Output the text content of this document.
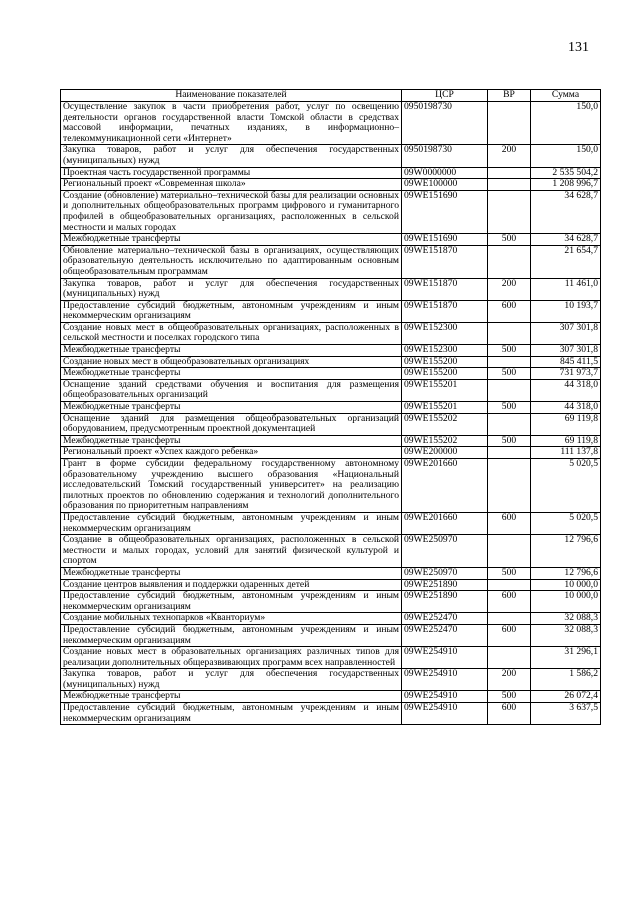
131
Наименование показателей	ЦСР	ВР	Сумма
Осуществление закупок в части приобретения работ, услуг по освещению деятельности органов государственной власти Томской области в средствах массовой информации, печатных изданиях, в информационно–телекоммуникационной сети «Интернет»	0950198730		150,0
Закупка товаров, работ и услуг для обеспечения государственных (муниципальных) нужд	0950198730	200	150,0
Проектная часть государственной программы	09W0000000		2 535 504,2
Региональный проект «Современная школа»	09WE100000		1 208 996,7
Создание (обновление) материально–технической базы для реализации основных и дополнительных общеобразовательных программ цифрового и гуманитарного профилей в общеобразовательных организациях, расположенных в сельской местности и малых городах	09WE151690		34 628,7
Межбюджетные трансферты	09WE151690	500	34 628,7
Обновление материально–технической базы в организациях, осуществляющих образовательную деятельность исключительно по адаптированным основным общеобразовательным программам	09WE151870		21 654,7
Закупка товаров, работ и услуг для обеспечения государственных (муниципальных) нужд	09WE151870	200	11 461,0
Предоставление субсидий бюджетным, автономным учреждениям и иным некоммерческим организациям	09WE151870	600	10 193,7
Создание новых мест в общеобразовательных организациях, расположенных в сельской местности и поселках городского типа	09WE152300		307 301,8
Межбюджетные трансферты	09WE152300	500	307 301,8
Создание новых мест в общеобразовательных организациях	09WE155200		845 411,5
Межбюджетные трансферты	09WE155200	500	731 973,7
Оснащение зданий средствами обучения и воспитания для размещения общеобразовательных организаций	09WE155201		44 318,0
Межбюджетные трансферты	09WE155201	500	44 318,0
Оснащение зданий для размещения общеобразовательных организаций оборудованием, предусмотренным проектной документацией	09WE155202		69 119,8
Межбюджетные трансферты	09WE155202	500	69 119,8
Региональный проект «Успех каждого ребенка»	09WE200000		111 137,8
Грант в форме субсидии федеральному государственному автономному образовательному учреждению высшего образования «Национальный исследовательский Томский государственный университет» на реализацию пилотных проектов по обновлению содержания и технологий дополнительного образования по приоритетным направлениям	09WE201660		5 020,5
Предоставление субсидий бюджетным, автономным учреждениям и иным некоммерческим организациям	09WE201660	600	5 020,5
Создание в общеобразовательных организациях, расположенных в сельской местности и малых городах, условий для занятий физической культурой и спортом	09WE250970		12 796,6
Межбюджетные трансферты	09WE250970	500	12 796,6
Создание центров выявления и поддержки одаренных детей	09WE251890		10 000,0
Предоставление субсидий бюджетным, автономным учреждениям и иным некоммерческим организациям	09WE251890	600	10 000,0
Создание мобильных технопарков «Кванториум»	09WE252470		32 088,3
Предоставление субсидий бюджетным, автономным учреждениям и иным некоммерческим организациям	09WE252470	600	32 088,3
Создание новых мест в образовательных организациях различных типов для реализации дополнительных общеразвивающих программ всех направленностей	09WE254910		31 296,1
Закупка товаров, работ и услуг для обеспечения государственных (муниципальных) нужд	09WE254910	200	1 586,2
Межбюджетные трансферты	09WE254910	500	26 072,4
Предоставление субсидий бюджетным, автономным учреждениям и иным некоммерческим организациям	09WE254910	600	3 637,5
